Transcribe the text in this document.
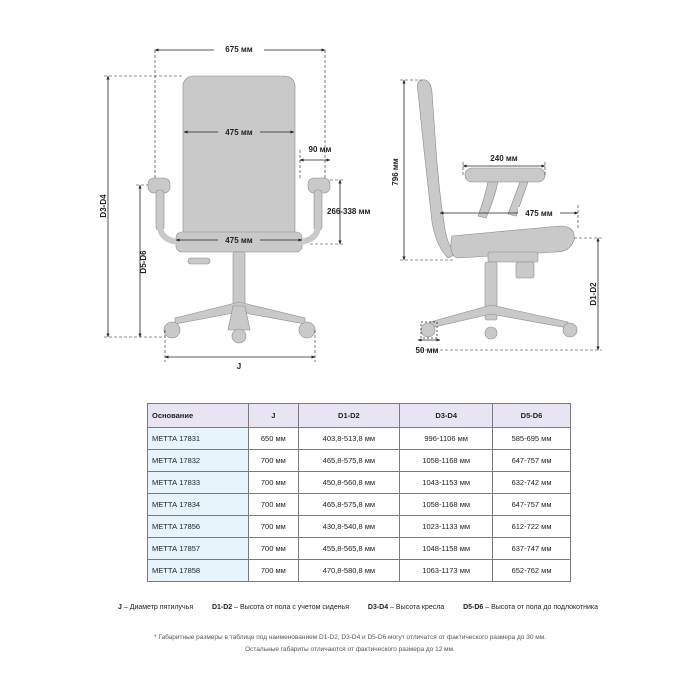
675 мм
475 мм
90 мм
266-338 мм
475 мм
D3-D4
D5-D6
J
796 мм	240 мм
475 мм
D1-D2
50 мм
Основание	J	D1-D2	D3-D4	D5-D6
МЕТТА 17831	650 мм	403,8-513,8 мм	996-1106 мм	585-695 мм
МЕТТА 17832	700 мм	465,8-575,8 мм	1058-1168 мм	647-757 мм
МЕТТА 17833	700 мм	450,8-560,8 мм	1043-1153 мм	632-742 мм
МЕТТА 17834	700 мм	465,8-575,8 мм	1058-1168 мм	647-757 мм
МЕТТА 17856	700 мм	430,8-540,8 мм	1023-1133 мм	612-722 мм
МЕТТА 17857	700 мм	455,8-565,8 мм	1048-1158 мм	637-747 мм
МЕТТА 17858	700 мм	470,8-580,8 мм	1063-1173 мм	652-762 мм
J – Диаметр пятилучья	D1-D2 – Высота от пола с учетом сиденья	D3-D4 – Высота кресла	D5-D6 – Высота от пола до подлокотника
* Габаритные размеры в таблице под наименованием D1-D2, D3-D4 и D5-D6 могут отличатся от фактического размера до 30 мм.
Остальные габариты отличаются от фактического размера до 12 мм.
